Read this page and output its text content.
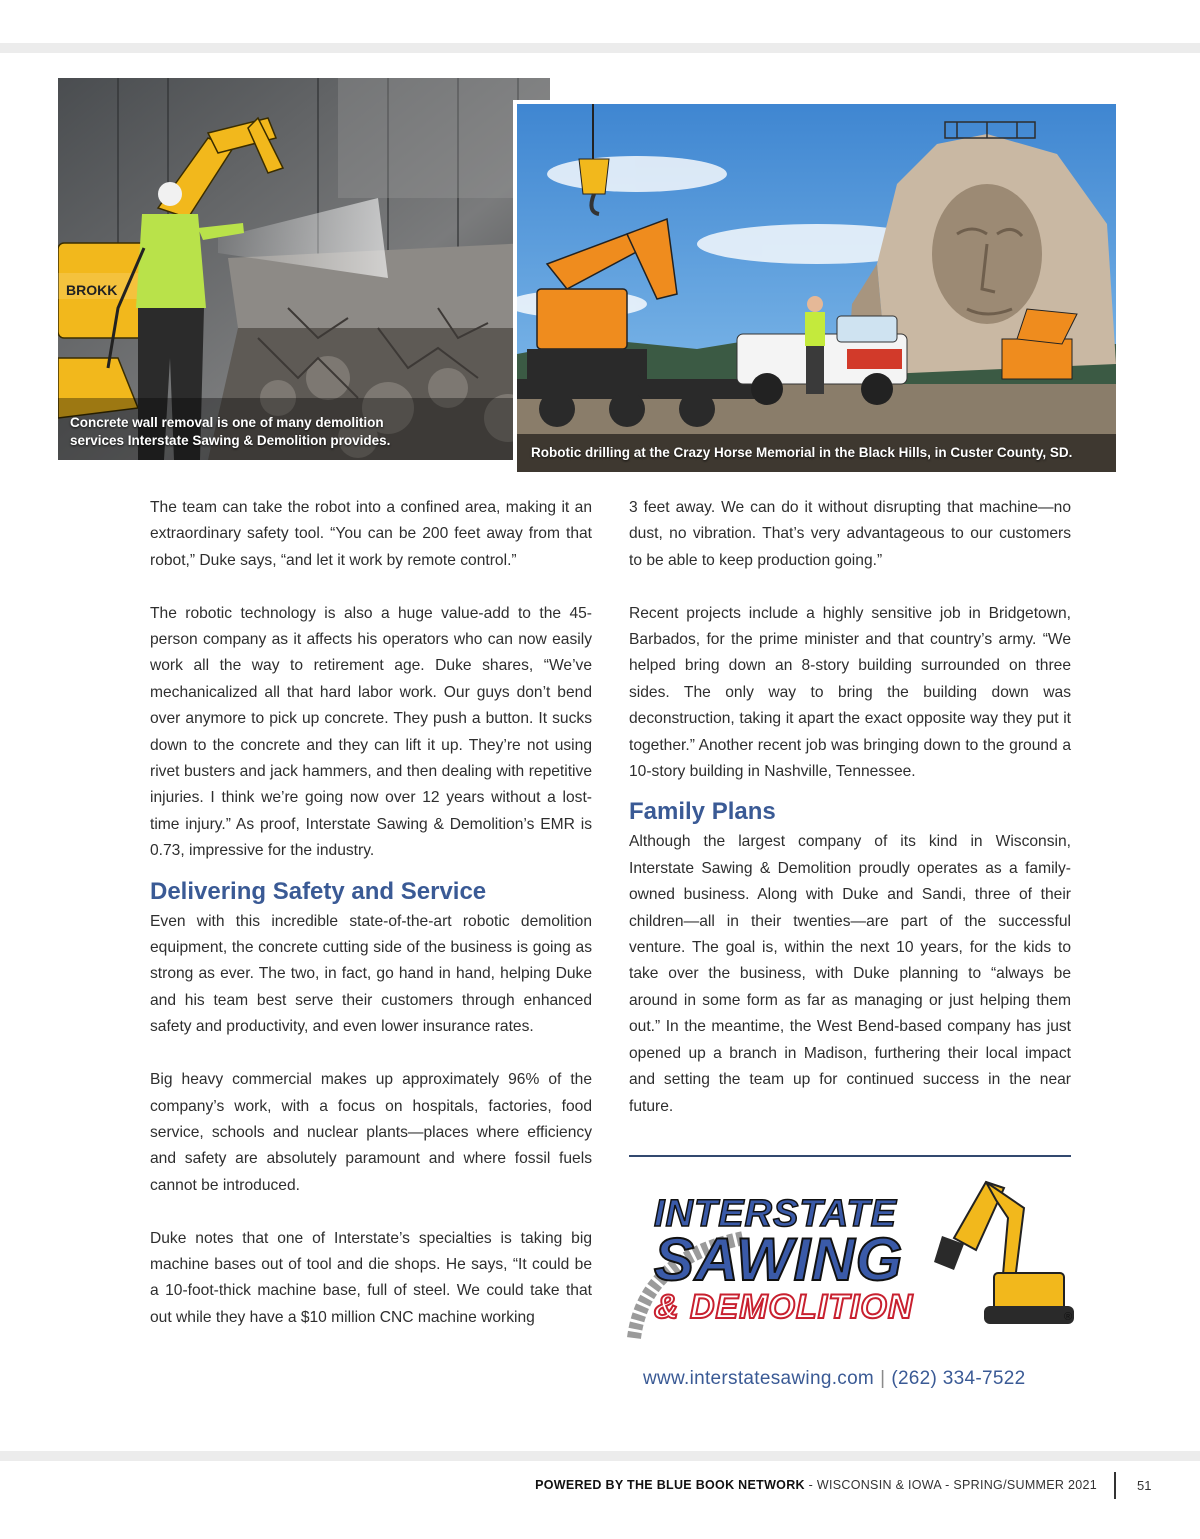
BROKK
Concrete wall removal is one of many demolition
services Interstate Sawing & Demolition provides.
Robotic drilling at the Crazy Horse Memorial in the Black Hills, in Custer County, SD.

The team can take the robot into a confined area, making it an extraordinary safety tool. “You can be 200 feet away from that robot,” Duke says, “and let it work by remote control.”

The robotic technology is also a huge value-add to the 45-person company as it affects his operators who can now easily work all the way to retirement age. Duke shares, “We’ve mechanicalized all that hard labor work. Our guys don’t bend over anymore to pick up concrete. They push a button. It sucks down to the concrete and they can lift it up. They’re not using rivet busters and jack hammers, and then dealing with repetitive injuries. I think we’re going now over 12 years without a lost-time injury.” As proof, Interstate Sawing & Demolition’s EMR is 0.73, impressive for the industry.

Delivering Safety and Service

Even with this incredible state-of-the-art robotic demolition equipment, the concrete cutting side of the business is going as strong as ever. The two, in fact, go hand in hand, helping Duke and his team best serve their customers through enhanced safety and productivity, and even lower insurance rates.

Big heavy commercial makes up approximately 96% of the company’s work, with a focus on hospitals, factories, food service, schools and nuclear plants—places where efficiency and safety are absolutely paramount and where fossil fuels cannot be introduced.

Duke notes that one of Interstate’s specialties is taking big machine bases out of tool and die shops. He says, “It could be a 10-foot-thick machine base, full of steel. We could take that out while they have a $10 million CNC machine working

3 feet away. We can do it without disrupting that machine—no dust, no vibration. That’s very advantageous to our customers to be able to keep production going.”

Recent projects include a highly sensitive job in Bridgetown, Barbados, for the prime minister and that country’s army. “We helped bring down an 8-story building surrounded on three sides. The only way to bring the building down was deconstruction, taking it apart the exact opposite way they put it together.” Another recent job was bringing down to the ground a 10-story building in Nashville, Tennessee.

Family Plans

Although the largest company of its kind in Wisconsin, Interstate Sawing & Demolition proudly operates as a family-owned business. Along with Duke and Sandi, three of their children—all in their twenties—are part of the successful venture. The goal is, within the next 10 years, for the kids to take over the business, with Duke planning to “always be around in some form as far as managing or just helping them out.” In the meantime, the West Bend-based company has just opened up a branch in Madison, furthering their local impact and setting the team up for continued success in the near future.

INTERSTATE
SAWING
& DEMOLITION	®
www.interstatesawing.com | (262) 334-7522
POWERED BY THE BLUE BOOK NETWORK - WISCONSIN & IOWA - SPRING/SUMMER 2021	51
